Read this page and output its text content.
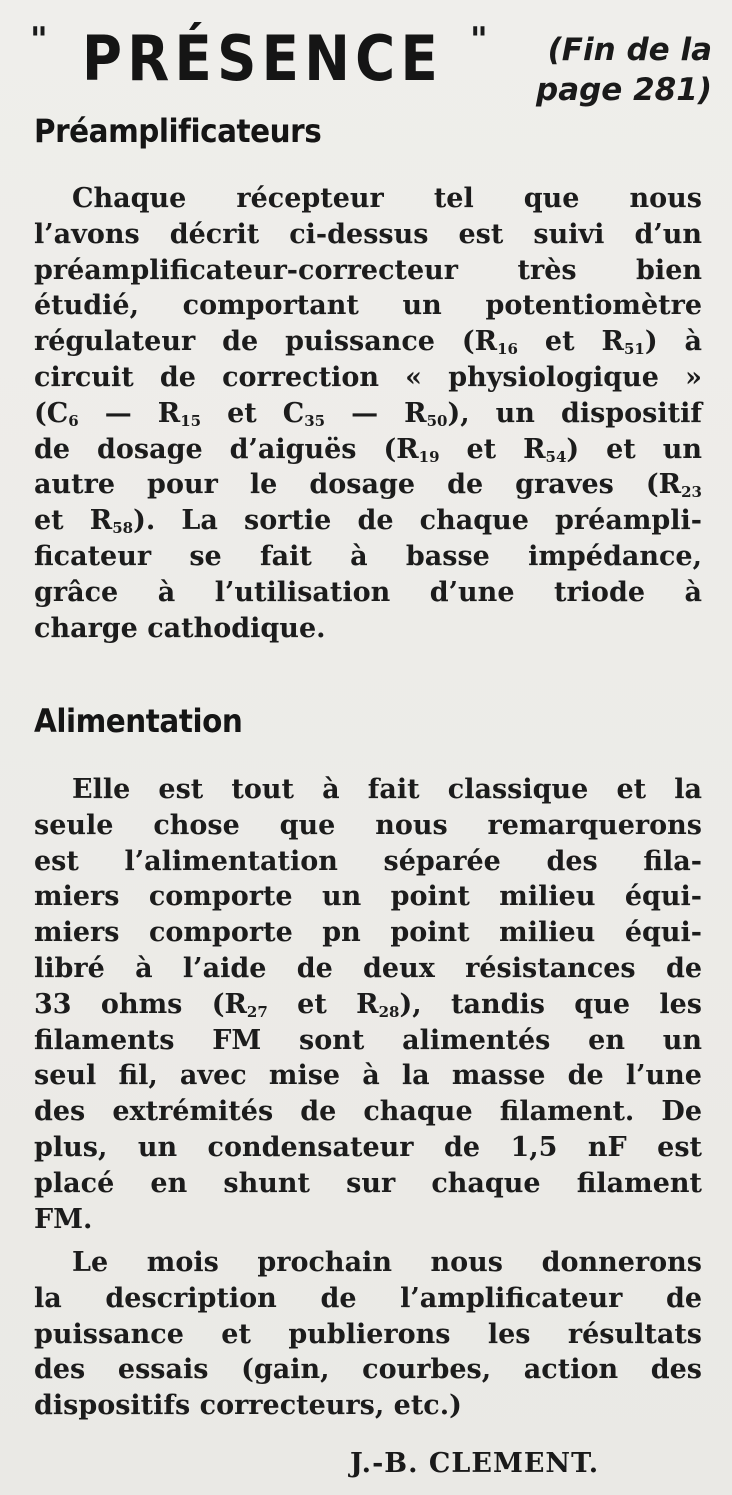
" PRÉSENCE "	(Fin de la
page 281)
Préamplificateurs
Chaque récepteur tel que nous
l’avons décrit ci-dessus est suivi d’un
préamplificateur-correcteur très bien
étudié, comportant un potentiomètre
régulateur de puissance ($R_{16}$ et $R_{51}$) à
circuit de correction « physiologique »
($C_6$ — $R_{15}$ et $C_{35}$ — $R_{50}$), un dispositif
de dosage d’aiguës ($R_{19}$ et $R_{54}$) et un
autre pour le dosage de graves ($R_{23}$
et $R_{58}$). La sortie de chaque préampli-
ficateur se fait à basse impédance,
grâce à l’utilisation d’une triode à
charge cathodique.
Alimentation
Elle est tout à fait classique et la
seule chose que nous remarquerons
est l’alimentation séparée des fila-
miers comporte un point milieu équi-
miers comporte pn point milieu équi-
libré à l’aide de deux résistances de
33 ohms ($R_{27}$ et $R_{28}$), tandis que les
filaments FM sont alimentés en un
seul fil, avec mise à la masse de l’une
des extrémités de chaque filament. De
plus, un condensateur de 1,5 nF est
placé en shunt sur chaque filament
FM.
Le mois prochain nous donnerons
la description de l’amplificateur de
puissance et publierons les résultats
des essais (gain, courbes, action des
dispositifs correcteurs, etc.)
J.-B. CLEMENT.
